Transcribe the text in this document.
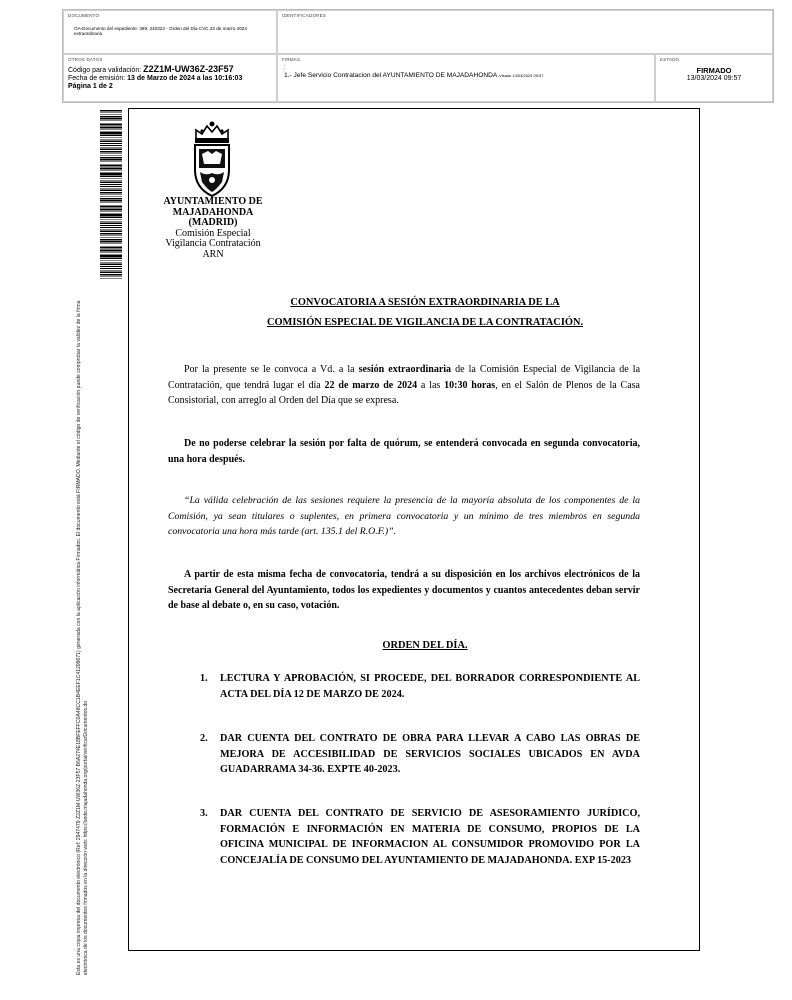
DOCUMENTO
OA-Documento del expediente: 389, 240322 - Orden del Día CVC 22 de marzo 2024 extraordinaria
IDENTIFICADORES
OTROS DATOS
Código para validación: Z2Z1M-UW36Z-23F57
Fecha de emisión: 13 de Marzo de 2024 a las 10:16:03
Página 1 de 2
FIRMAS
:
1.- Jefe Servicio Contratacion del AYUNTAMIENTO DE MAJADAHONDA.Visado 13/03/2024 09:57
ESTADO
FIRMADO
13/03/2024 09:57
Esta es una copia impresa del documento electrónico (Ref: 2947479 Z2Z1M-UW36Z-23F57 B6A274E18BFEFFC0A48CC1B4EEF1C41299071) generada con la aplicación informática Firmadoc. El documento está FIRMADO. Mediante el código de verificación puede comprobar la validez de la firma electrónica de los documentos firmados en la dirección web: https://sede.majadahonda.org/portal/verificarDocumentos.do
AYUNTAMIENTO DE
MAJADAHONDA
(MADRID)
Comisión Especial
Vigilancia Contratación
ARN
CONVOCATORIA A SESIÓN EXTRAORDINARIA DE LA
COMISIÓN ESPECIAL DE VIGILANCIA DE LA CONTRATACIÓN.
Por la presente se le convoca a Vd. a la sesión extraordinaria de la Comisión Especial de Vigilancia de la Contratación, que tendrá lugar el día 22 de marzo de 2024 a las 10:30 horas, en el Salón de Plenos de la Casa Consistorial, con arreglo al Orden del Día que se expresa.
De no poderse celebrar la sesión por falta de quórum, se entenderá convocada en segunda convocatoria, una hora después.
“La válida celebración de las sesiones requiere la presencia de la mayoría absoluta de los componentes de la Comisión, ya sean titulares o suplentes, en primera convocatoria y un mínimo de tres miembros en segunda convocatoria una hora más tarde (art. 135.1 del R.O.F.)”.
A partir de esta misma fecha de convocatoria, tendrá a su disposición en los archivos electrónicos de la Secretaría General del Ayuntamiento, todos los expedientes y documentos y cuantos antecedentes deban servir de base al debate o, en su caso, votación.
ORDEN DEL DÍA.
1.	LECTURA Y APROBACIÓN, SI PROCEDE, DEL BORRADOR CORRESPONDIENTE AL ACTA DEL DÍA 12 DE MARZO DE 2024.
2.	DAR CUENTA DEL CONTRATO DE OBRA PARA LLEVAR A CABO LAS OBRAS DE MEJORA DE ACCESIBILIDAD DE SERVICIOS SOCIALES UBICADOS EN AVDA GUADARRAMA 34-36. EXPTE 40-2023.
3.	DAR CUENTA DEL CONTRATO DE SERVICIO DE ASESORAMIENTO JURÍDICO, FORMACIÓN E INFORMACIÓN EN MATERIA DE CONSUMO, PROPIOS DE LA OFICINA MUNICIPAL DE INFORMACION AL CONSUMIDOR PROMOVIDO POR LA CONCEJALÍA DE CONSUMO DEL AYUNTAMIENTO DE MAJADAHONDA. EXP 15-2023
